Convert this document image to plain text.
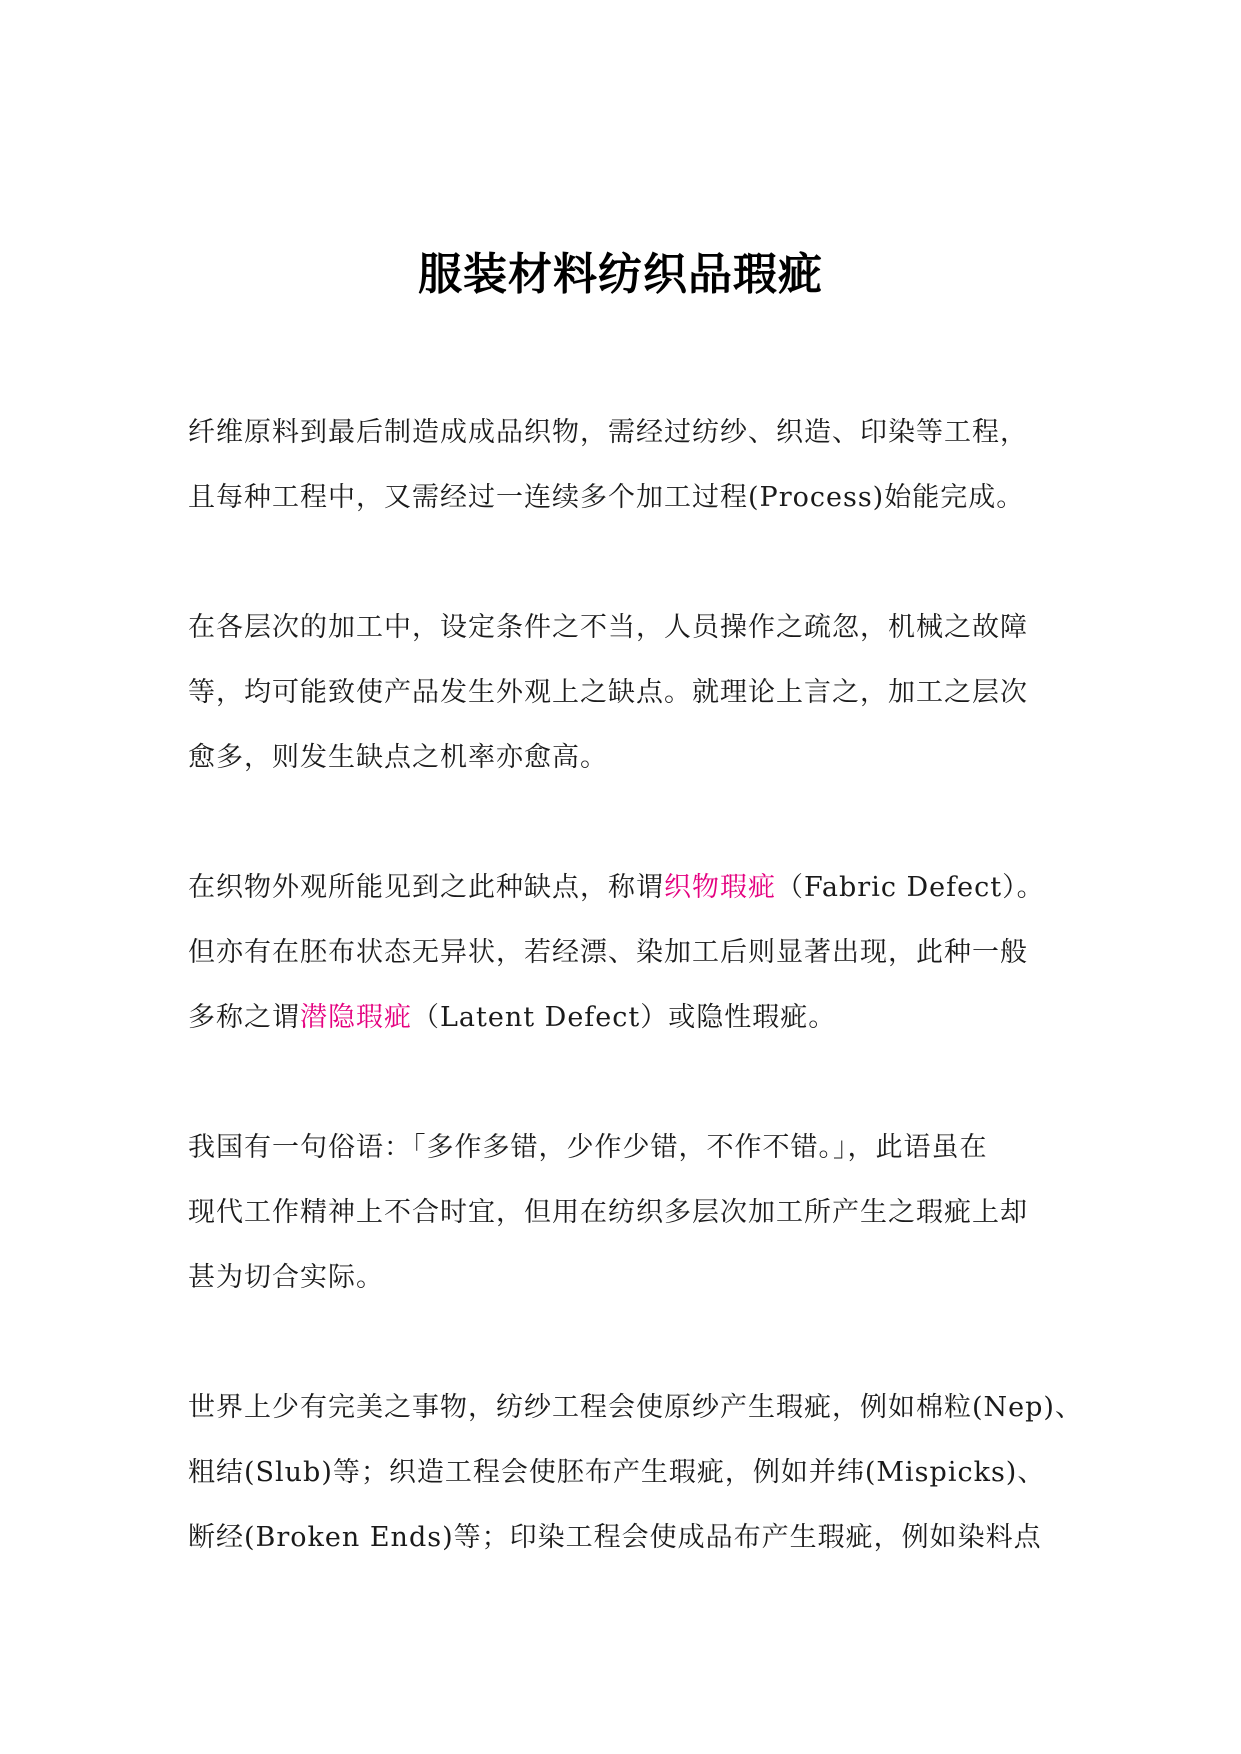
服装材料纺织品瑕疵

纤维原料到最后制造成成品织物，需经过纺纱、织造、印染等工程，
且每种工程中，又需经过一连续多个加工过程(Process)始能完成。

在各层次的加工中，设定条件之不当，人员操作之疏忽，机械之故障
等，均可能致使产品发生外观上之缺点。就理论上言之，加工之层次
愈多，则发生缺点之机率亦愈高。

在织物外观所能见到之此种缺点，称谓织物瑕疵（Fabric Defect）。
但亦有在胚布状态无异状，若经漂、染加工后则显著出现，此种一般
多称之谓潜隐瑕疵（Latent Defect）或隐性瑕疵。

我国有一句俗语：「多作多错，少作少错，不作不错。」，此语虽在
现代工作精神上不合时宜，但用在纺织多层次加工所产生之瑕疵上却
甚为切合实际。

世界上少有完美之事物，纺纱工程会使原纱产生瑕疵，例如棉粒(Nep)、
粗结(Slub)等；织造工程会使胚布产生瑕疵，例如并纬(Mispicks)、
断经(Broken Ends)等；印染工程会使成品布产生瑕疵，例如染料点
